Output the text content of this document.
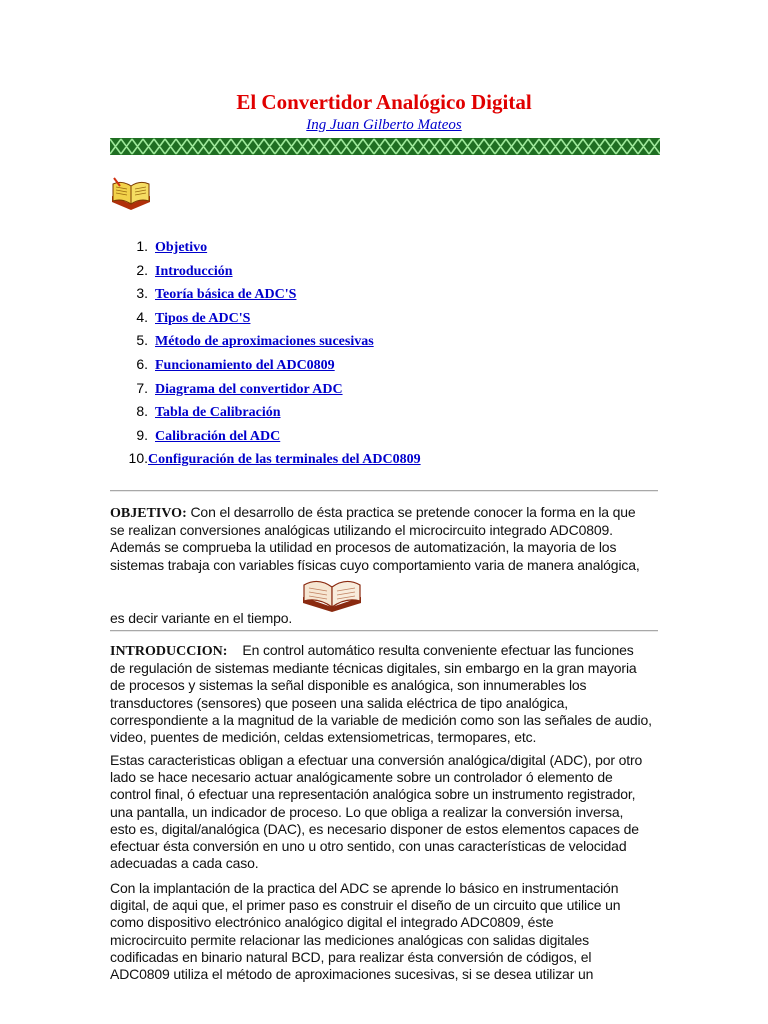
El Convertidor Analógico Digital
Ing Juan Gilberto Mateos
1. Objetivo
2. Introducción
3. Teoría básica de ADC'S
4. Tipos de ADC'S
5. Método de aproximaciones sucesivas
6. Funcionamiento del ADC0809
7. Diagrama del convertidor ADC
8. Tabla de Calibración
9. Calibración del ADC
10.Configuración de las terminales del ADC0809
OBJETIVO: Con el desarrollo de ésta practica se pretende conocer la forma en la que
se realizan conversiones analógicas utilizando el microcircuito integrado ADC0809.
Además se comprueba la utilidad en procesos de automatización, la mayoria de los
sistemas trabaja con variables físicas cuyo comportamiento varia de manera analógica,
es decir variante en el tiempo.
INTRODUCCION:    En control automático resulta conveniente efectuar las funciones
de regulación de sistemas mediante técnicas digitales, sin embargo en la gran mayoria
de procesos y sistemas la señal disponible es analógica, son innumerables los
transductores (sensores) que poseen una salida eléctrica de tipo analógica,
correspondiente a la magnitud de la variable de medición como son las señales de audio,
video, puentes de medición, celdas extensiometricas, termopares, etc.
Estas caracteristicas obligan a efectuar una conversión analógica/digital (ADC), por otro
lado se hace necesario actuar analógicamente sobre un controlador ó elemento de
control final, ó efectuar una representación analógica sobre un instrumento registrador,
una pantalla, un indicador de proceso. Lo que obliga a realizar la conversión inversa,
esto es, digital/analógica (DAC), es necesario disponer de estos elementos capaces de
efectuar ésta conversión en uno u otro sentido, con unas características de velocidad
adecuadas a cada caso.
Con la implantación de la practica del ADC se aprende lo básico en instrumentación
digital, de aqui que, el primer paso es construir el diseño de un circuito que utilice un
como dispositivo electrónico analógico digital el integrado ADC0809, éste
microcircuito permite relacionar las mediciones analógicas con salidas digitales
codificadas en binario natural BCD, para realizar ésta conversión de códigos, el
ADC0809 utiliza el método de aproximaciones sucesivas, si se desea utilizar un
